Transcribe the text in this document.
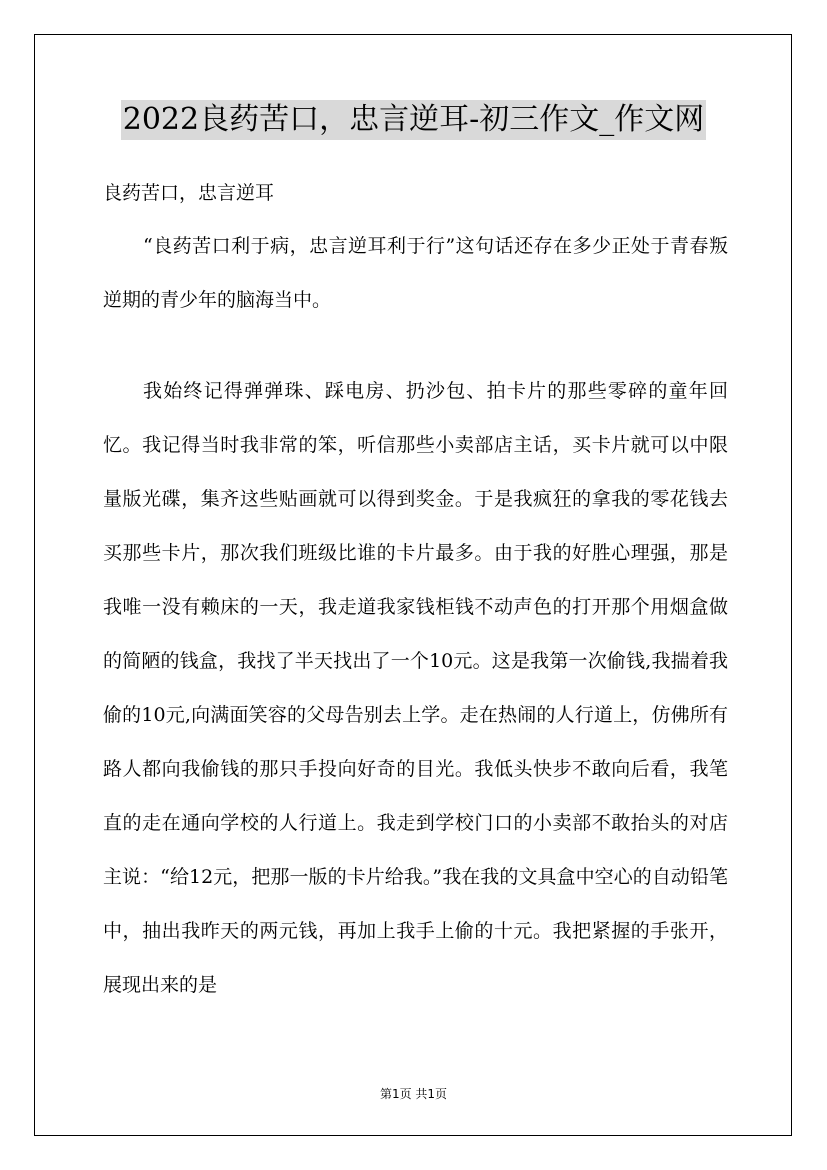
2022良药苦口，忠言逆耳-初三作文_作文网

良药苦口，忠言逆耳

“良药苦口利于病，忠言逆耳利于行”这句话还存在多少正处于青春叛逆期的青少年的脑海当中。

我始终记得弹弹珠、踩电房、扔沙包、拍卡片的那些零碎的童年回忆。我记得当时我非常的笨，听信那些小卖部店主话，买卡片就可以中限量版光碟，集齐这些贴画就可以得到奖金。于是我疯狂的拿我的零花钱去买那些卡片，那次我们班级比谁的卡片最多。由于我的好胜心理强，那是我唯一没有赖床的一天，我走道我家钱柜钱不动声色的打开那个用烟盒做的简陋的钱盒，我找了半天找出了一个10元。这是我第一次偷钱,我揣着我偷的10元,向满面笑容的父母告别去上学。走在热闹的人行道上，仿佛所有路人都向我偷钱的那只手投向好奇的目光。我低头快步不敢向后看，我笔直的走在通向学校的人行道上。我走到学校门口的小卖部不敢抬头的对店主说：“给12元，把那一版的卡片给我。”我在我的文具盒中空心的自动铅笔中，抽出我昨天的两元钱，再加上我手上偷的十元。我把紧握的手张开，展现出来的是

第1页 共1页
